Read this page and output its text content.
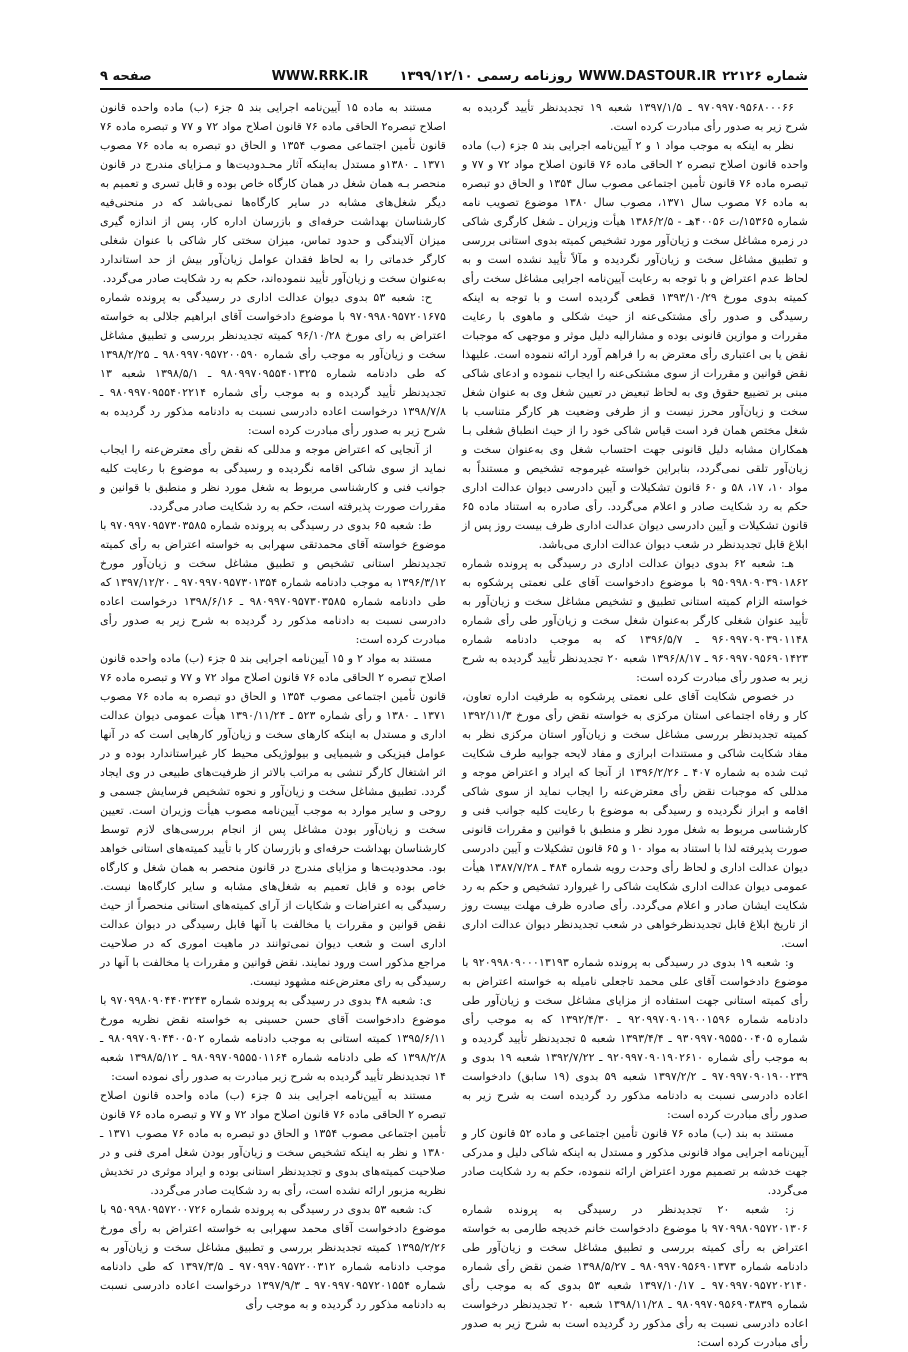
صفحه ۹	WWW.RRK.IR	روزنامه رسمی ۱۳۹۹/۱۲/۱۰ WWW.DASTOUR.IR شماره ۲۲۱۲۶

۹۷۰۹۹۷۰۹۵۶۸۰۰۰۶۶ ـ ۱۳۹۷/۱/۵ شعبه ۱۹ تجدیدنظر تأیید گردیده به شرح زیر به صدور رأی مبادرت کرده است.

نظر به اینکه به موجب مواد ۱ و ۲ آیین‌نامه اجرایی بند ۵ جزء (ب) ماده واحده قانون اصلاح تبصره ۲ الحاقی ماده ۷۶ قانون اصلاح مواد ۷۲ و ۷۷ و تبصره ماده ۷۶ قانون تأمین اجتماعی مصوب سال ۱۳۵۴ و الحاق دو تبصره به ماده ۷۶ مصوب سال ۱۳۷۱، مصوب سال ۱۳۸۰ موضوع تصویب نامه شماره ۱۵۳۶۵/ت ۴۰۰۵۶هـ - ۱۳۸۶/۲/۵ هیأت وزیران ـ شغل کارگری شاکی در زمره مشاغل سخت و زیان‌آور مورد تشخیص کمیته بدوی استانی بررسی و تطبیق مشاغل سخت و زیان‌آور نگردیده و مآلاً تأیید نشده است و به لحاظ عدم اعتراض و با توجه به رعایت آیین‌نامه اجرایی مشاغل سخت رأی کمیته بدوی مورخ ۱۳۹۳/۱۰/۲۹ قطعی گردیده است و با توجه به اینکه رسیدگی و صدور رأی مشتکی‌عنه از حیث شکلی و ماهوی با رعایت مقررات و موازین قانونی بوده و مشارالیه دلیل موثر و موجهی که موجبات نقض یا بی اعتباری رأی معترض به را فراهم آورد ارائه ننموده است. علیهذا نقض قوانین و مقررات از سوی مشتکی‌عنه را ایجاب ننموده و ادعای شاکی مبنی بر تضییع حقوق وی به لحاظ تبعیض در تعیین شغل وی به عنوان شغل سخت و زیان‌آور محرز نیست و از طرفی وضعیت هر کارگر متناسب با شغل مختص همان فرد است قیاس شاکی خود را از حیث انطباق شغلی بـا همکاران مشابه دلیل قانونی جهت احتساب شغل وی به‌عنوان سخت و زیان‌آور تلقی نمی‌گردد، بنابراین خواسته غیرموجه تشخیص و مستنداً به مواد ۱۰، ۱۷، ۵۸ و ۶۰ قانون تشکیلات و آیین دادرسی دیوان عدالت اداری حکم به رد شکایت صادر و اعلام می‌گردد. رأی صادره به استناد ماده ۶۵ قانون تشکیلات و آیین دادرسی دیوان عدالت اداری ظرف بیست روز پس از ابلاغ قابل تجدیدنظر در شعب دیوان عدالت اداری می‌باشد.

هـ: شعبه ۶۲ بدوی دیوان عدالت اداری در رسیدگی به پرونده شماره ۹۵۰۹۹۸۰۹۰۳۹۰۱۸۶۲ با موضوع دادخواست آقای علی نعمتی پرشکوه به خواسته الزام کمیته استانی تطبیق و تشخیص مشاغل سخت و زیان‌آور به تأیید عنوان شغلی کارگر به‌عنوان شغل سخت و زیان‌آور طی رأی شماره ۹۶۰۹۹۷۰۹۰۳۹۰۱۱۴۸ ـ ۱۳۹۶/۵/۷ که به موجب دادنامه شماره ۹۶۰۹۹۷۰۹۵۶۹۰۱۴۲۳ ـ ۱۳۹۶/۸/۱۷ شعبه ۲۰ تجدیدنظر تأیید گردیده به شرح زیر به صدور رأی مبادرت کرده است:

در خصوص شکایت آقای علی نعمتی پرشکوه به طرفیت اداره تعاون، کار و رفاه اجتماعی استان مرکزی به خواسته نقض رأی مورخ ۱۳۹۲/۱۱/۳ کمیته تجدیدنظر بررسی مشاغل سخت و زیان‌آور استان مرکزی نظر به مفاد شکایت شاکی و مستندات ابرازی و مفاد لایحه جوابیه طرف شکایت ثبت شده به شماره ۴۰۷ ـ ۱۳۹۶/۲/۲۶ از آنجا که ایراد و اعتراض موجه و مدللی که موجبات نقض رأی معترض‌عنه را ایجاب نماید از سوی شاکی اقامه و ابراز نگردیده و رسیدگی به موضوع با رعایت کلیه جوانب فنی و کارشناسی مربوط به شغل مورد نظر و منطبق با قوانین و مقررات قانونی صورت پذیرفته لذا با استناد به مواد ۱۰ و ۶۵ قانون تشکیلات و آیین دادرسی دیوان عدالت اداری و لحاظ رأی وحدت رویه شماره ۴۸۴ ـ ۱۳۸۷/۷/۲۸ هیأت عمومی دیوان عدالت اداری شکایت شاکی را غیروارد تشخیص و حکم به رد شکایت ایشان صادر و اعلام می‌گردد. رأی صادره ظرف مهلت بیست روز از تاریخ ابلاغ قابل تجدیدنظرخواهی در شعب تجدیدنظر دیوان عدالت اداری است.

و: شعبه ۱۹ بدوی در رسیدگی به پرونده شماره ۹۲۰۹۹۸۰۹۰۰۰۱۳۱۹۳ با موضوع دادخواست آقای علی محمد تاجعلی نامیله به خواسته اعتراض به رأی کمیته استانی جهت استفاده از مزایای مشاغل سخت و زیان‌آور طی دادنامه شماره ۹۲۰۹۹۷۰۹۰۱۹۰۰۱۵۹۶ ـ ۱۳۹۲/۴/۳۰ که به موجب رأی شماره ۹۳۰۹۹۷۰۹۵۵۵۰۰۴۰۵ ـ ۱۳۹۳/۴/۴ شعبه ۵ تجدیدنظر تأیید گردیده و به موجب رأی شماره ۹۲۰۹۹۷۰۹۰۱۹۰۲۶۱۰ ـ ۱۳۹۲/۷/۲۲ شعبه ۱۹ بدوی و ۹۷۰۹۹۷۰۹۰۱۹۰۰۲۳۹ ـ ۱۳۹۷/۲/۲ شعبه ۵۹ بدوی (۱۹ سابق) دادخواست اعاده دادرسی نسبت به دادنامه مذکور رد گردیده است به شرح زیر به صدور رأی مبادرت کرده است:

مستند به بند (ب) ماده ۷۶ قانون تأمین اجتماعی و ماده ۵۲ قانون کار و آیین‌نامه اجرایی مواد قانونی مذکور و مستدل به اینکه شاکی دلیل و مدرکی جهت خدشه بر تصمیم مورد اعتراض ارائه ننموده، حکم به رد شکایت صادر می‌گردد.

ز: شعبه ۲۰ تجدیدنظر در رسیدگی به پرونده شماره ۹۷۰۹۹۸۰۹۵۷۲۰۱۳۰۶ با موضوع دادخواست خانم خدیجه طارمی به خواسته اعتراض به رأی کمیته بررسی و تطبیق مشاغل سخت و زیان‌آور طی دادنامه شماره ۹۸۰۹۹۷۰۹۵۶۹۰۱۳۷۳ ـ ۱۳۹۸/۵/۲۷ ضمن نقض رأی شماره ۹۷۰۹۹۷۰۹۵۷۲۰۲۱۴۰ ـ ۱۳۹۷/۱۰/۱۷ شعبه ۵۳ بدوی که به موجب رأی شماره ۹۸۰۹۹۷۰۹۵۶۹۰۳۸۳۹ ـ ۱۳۹۸/۱۱/۲۸ شعبه ۲۰ تجدیدنظر درخواست اعاده دادرسی نسبت به رأی مذکور رد گردیده است به شرح زیر به صدور رأی مبادرت کرده است:

مستند به ماده ۱۵ آیین‌نامه اجرایی بند ۵ جزء (ب) ماده واحده قانون اصلاح تبصره۲ الحاقی ماده ۷۶ قانون اصلاح مواد ۷۲ و ۷۷ و تبصره ماده ۷۶ قانون تأمین اجتماعی مصوب ۱۳۵۴ و الحاق دو تبصره به ماده ۷۶ مصوب ۱۳۷۱ ـ ۱۳۸۰و مستدل به‌اینکه آثار محـدودیت‌ها و مـزایای مندرج در قانون منحصر بـه همان شغل در همان کارگاه خاص بوده و قابل تسری و تعمیم به دیگر شغل‌های مشابه در سایر کارگاه‌ها نمی‌باشد که در منحنی‌فیه کارشناسان بهداشت حرفه‌ای و بازرسان اداره کار، پس از اندازه گیری میزان آلایندگی و حدود تماس، میزان سختی کار شاکی با عنوان شغلی کارگر خدماتی را به لحاظ فقدان عوامل زیان‌آور بیش از حد استاندارد به‌عنوان سخت و زیان‌آور تأیید ننموده‌اند، حکم به رد شکایت صادر می‌گردد.

ح: شعبه ۵۳ بدوی دیوان عدالت اداری در رسیدگی به پرونده شماره ۹۷۰۹۹۸۰۹۵۷۲۰۱۶۷۵ با موضوع دادخواست آقای ابراهیم جلالی به خواسته اعتراض به رای مورخ ۹۶/۱۰/۲۸ کمیته تجدیدنظر بررسی و تطبیق مشاغل سخت و زیان‌آور به موجب رأی شماره ۹۸۰۹۹۷۰۹۵۷۲۰۰۵۹۰ ـ ۱۳۹۸/۲/۲۵ که طی دادنامه شماره ۹۸۰۹۹۷۰۹۵۵۴۰۱۳۲۵ ـ ۱۳۹۸/۵/۱ شعبه ۱۳ تجدیدنظر تأیید گردیده و به موجب رأی شماره ۹۸۰۹۹۷۰۹۵۵۴۰۲۲۱۴ ـ ۱۳۹۸/۷/۸ درخواست اعاده دادرسی نسبت به دادنامه مذکور رد گردیده به شرح زیر به صدور رأی مبادرت کرده است:

از آنجایی که اعتراض موجه و مدللی که نقض رأی معترض‌عنه را ایجاب نماید از سوی شاکی اقامه نگردیده و رسیدگی به موضوع با رعایت کلیه جوانب فنی و کارشناسی مربوط به شغل مورد نظر و منطبق با قوانین و مقررات صورت پذیرفته است، حکم به رد شکایت صادر می‌گردد.

ط: شعبه ۶۵ بدوی در رسیدگی به پرونده شماره ۹۷۰۹۹۷۰۹۵۷۳۰۳۵۸۵ با موضوع خواسته آقای محمدتقی سهرابی به خواسته اعتراض به رأی کمیته تجدیدنظر استانی تشخیص و تطبیق مشاغل سخت و زیان‌آور مورخ ۱۳۹۶/۳/۱۲ به موجب دادنامه شماره ۹۷۰۹۹۷۰۹۵۷۳۰۱۳۵۴ ـ ۱۳۹۷/۱۲/۲۰ که طی دادنامه شماره ۹۸۰۹۹۷۰۹۵۷۳۰۳۵۸۵ ـ ۱۳۹۸/۶/۱۶ درخواست اعاده دادرسی نسبت به دادنامه مذکور رد گردیده به شرح زیر به صدور رأی مبادرت کرده است:

مستند به مواد ۲ و ۱۵ آیین‌نامه اجرایی بند ۵ جزء (ب) ماده واحده قانون اصلاح تبصره ۲ الحاقی ماده ۷۶ قانون اصلاح مواد ۷۲ و ۷۷ و تبصره ماده ۷۶ قانون تأمین اجتماعی مصوب ۱۳۵۴ و الحاق دو تبصره به ماده ۷۶ مصوب ۱۳۷۱ ـ ۱۳۸۰ و رأی شماره ۵۲۳ ـ ۱۳۹۰/۱۱/۲۴ هیأت عمومی دیوان عدالت اداری و مستدل به اینکه کارهای سخت و زیان‌آور کارهایی است که در آنها عوامل فیزیکی و شیمیایی و بیولوژیکی محیط کار غیراستاندارد بوده و در اثر اشتغال کارگر تنشی به مراتب بالاتر از ظرفیت‌های طبیعی در وی ایجاد گردد. تطبیق مشاغل سخت و زیان‌آور و نحوه تشخیص فرسایش جسمی و روحی و سایر موارد به موجب آیین‌نامه مصوب هیأت وزیران است. تعیین سخت و زیان‌آور بودن مشاغل پس از انجام بررسی‌های لازم توسط کارشناسان بهداشت حرفه‌ای و بازرسان کار با تأیید کمیته‌های استانی خواهد بود. محدودیت‌ها و مزایای مندرج در قانون منحصر به همان شغل و کارگاه خاص بوده و قابل تعمیم به شغل‌های مشابه و سایر کارگاه‌ها نیست. رسیدگی به اعتراضات و شکایات از آرای کمیته‌های استانی منحصراً از حیث نقض قوانین و مقررات یا مخالفت با آنها قابل رسیدگی در دیوان عدالت اداری است و شعب دیوان نمی‌توانند در ماهیت اموری که در صلاحیت مراجع مذکور است ورود نمایند. نقض قوانین و مقررات یا مخالفت با آنها در رسیدگی به رای معترض‌عنه مشهود نیست.

ی: شعبه ۴۸ بدوی در رسیدگی به پرونده شماره ۹۷۰۹۹۸۰۹۰۴۴۰۳۲۴۳ با موضوع دادخواست آقای حسن حسینی به خواسته نقض نظریه مورخ ۱۳۹۵/۶/۱۱ کمیته استانی به موجب دادنامه شماره ۹۸۰۹۹۷۰۹۰۴۴۰۰۵۰۲ ـ ۱۳۹۸/۲/۸ که طی دادنامه شماره ۹۸۰۹۹۷۰۹۵۵۵۰۱۱۶۴ ـ ۱۳۹۸/۵/۱۲ شعبه ۱۴ تجدیدنظر تأیید گردیده به شرح زیر مبادرت به صدور رأی نموده است:

مستند به آیین‌نامه اجرایی بند ۵ جزء (ب) ماده واحده قانون اصلاح تبصره ۲ الحاقی ماده ۷۶ قانون اصلاح مواد ۷۲ و ۷۷ و تبصره ماده ۷۶ قانون تأمین اجتماعی مصوب ۱۳۵۴ و الحاق دو تبصره به ماده ۷۶ مصوب ۱۳۷۱ ـ ۱۳۸۰ و نظر به اینکه تشخیص سخت و زیان‌آور بودن شغل امری فنی و در صلاحیت کمیته‌های بدوی و تجدیدنظر استانی بوده و ایراد موثری در تخدیش نظریه مزبور ارائه نشده است، رأی به رد شکایت صادر می‌گردد.

ک: شعبه ۵۳ بدوی در رسیدگی به پرونده شماره ۹۵۰۹۹۸۰۹۵۷۲۰۰۷۲۶ با موضوع دادخواست آقای محمد سهرابی به خواسته اعتراض به رأی مورخ ۱۳۹۵/۲/۲۶ کمیته تجدیدنظر بررسی و تطبیق مشاغل سخت و زیان‌آور به موجب دادنامه شماره ۹۷۰۹۹۷۰۹۵۷۲۰۰۳۱۲ ـ ۱۳۹۷/۳/۵ که طی دادنامه شماره ۹۷۰۹۹۷۰۹۵۷۲۰۱۵۵۴ ـ ۱۳۹۷/۹/۳ درخواست اعاده دادرسی نسبت به دادنامه مذکور رد گردیده و به موجب رأی
